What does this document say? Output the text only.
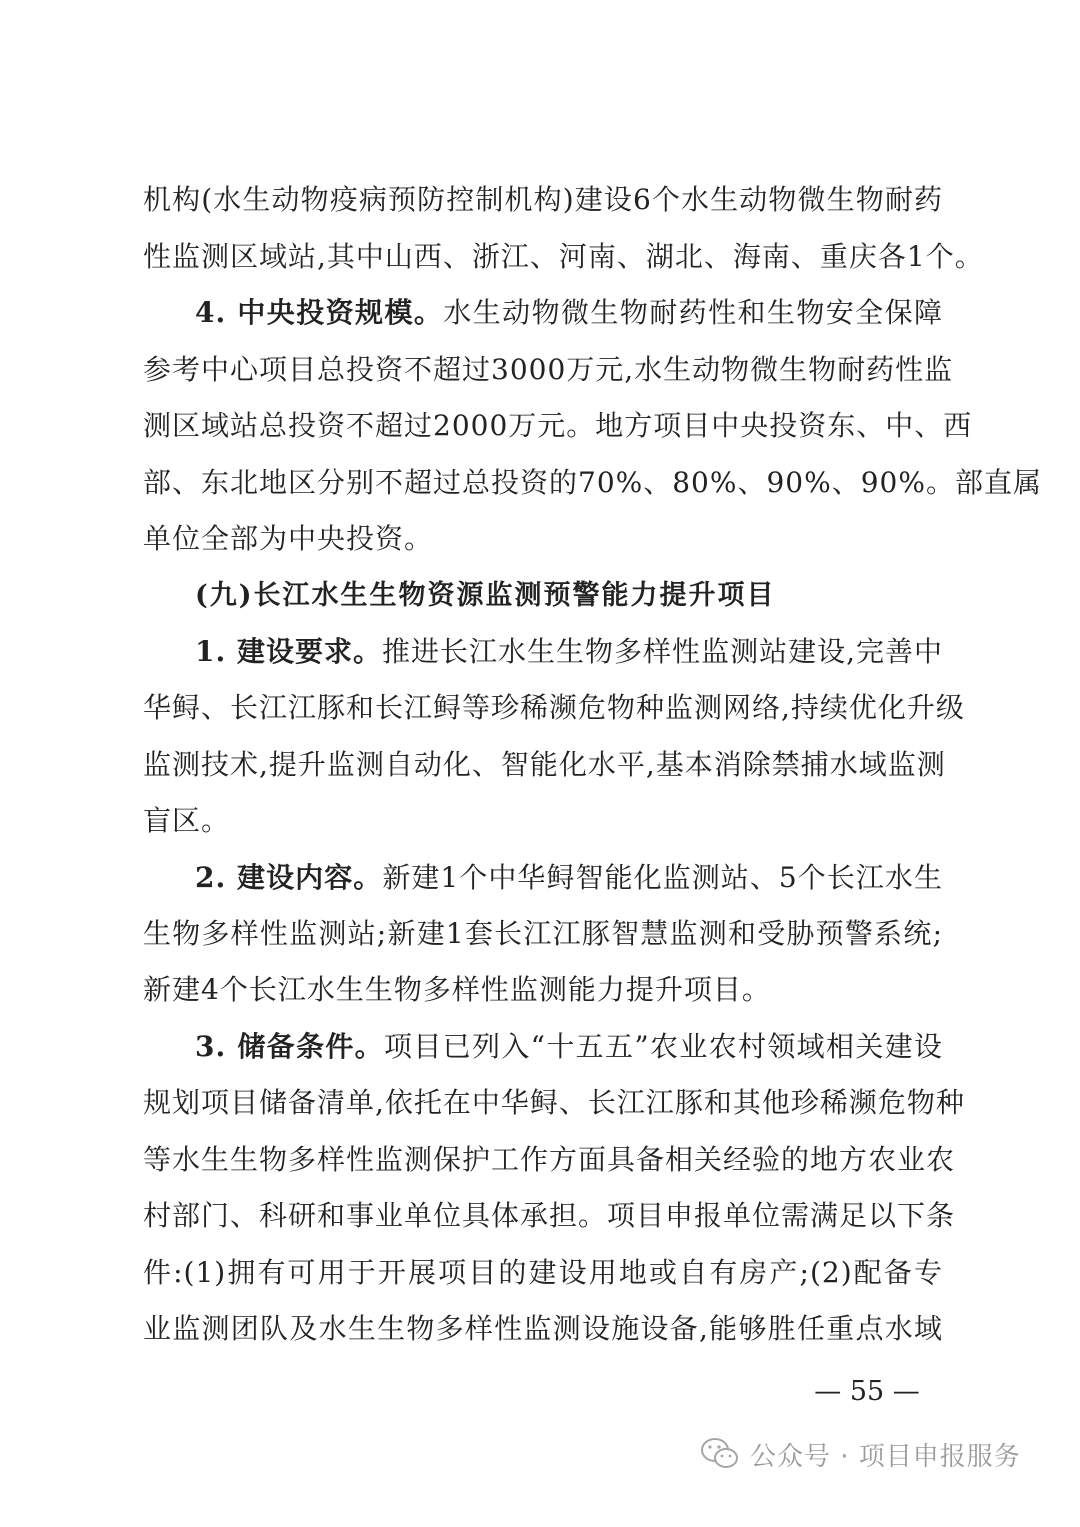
机构(水生动物疫病预防控制机构)建设6个水生动物微生物耐药
性监测区域站,其中山西、浙江、河南、湖北、海南、重庆各1个。
4. 中央投资规模。水生动物微生物耐药性和生物安全保障
参考中心项目总投资不超过3000万元,水生动物微生物耐药性监
测区域站总投资不超过2000万元。地方项目中央投资东、中、西
部、东北地区分别不超过总投资的70%、80%、90%、90%。部直属
单位全部为中央投资。
(九)长江水生生物资源监测预警能力提升项目
1. 建设要求。推进长江水生生物多样性监测站建设,完善中
华鲟、长江江豚和长江鲟等珍稀濒危物种监测网络,持续优化升级
监测技术,提升监测自动化、智能化水平,基本消除禁捕水域监测
盲区。
2. 建设内容。新建1个中华鲟智能化监测站、5个长江水生
生物多样性监测站;新建1套长江江豚智慧监测和受胁预警系统;
新建4个长江水生生物多样性监测能力提升项目。
3. 储备条件。项目已列入“十五五”农业农村领域相关建设
规划项目储备清单,依托在中华鲟、长江江豚和其他珍稀濒危物种
等水生生物多样性监测保护工作方面具备相关经验的地方农业农
村部门、科研和事业单位具体承担。项目申报单位需满足以下条
件:(1)拥有可用于开展项目的建设用地或自有房产;(2)配备专
业监测团队及水生生物多样性监测设施设备,能够胜任重点水域
— 55 —
公众号 · 项目申报服务
